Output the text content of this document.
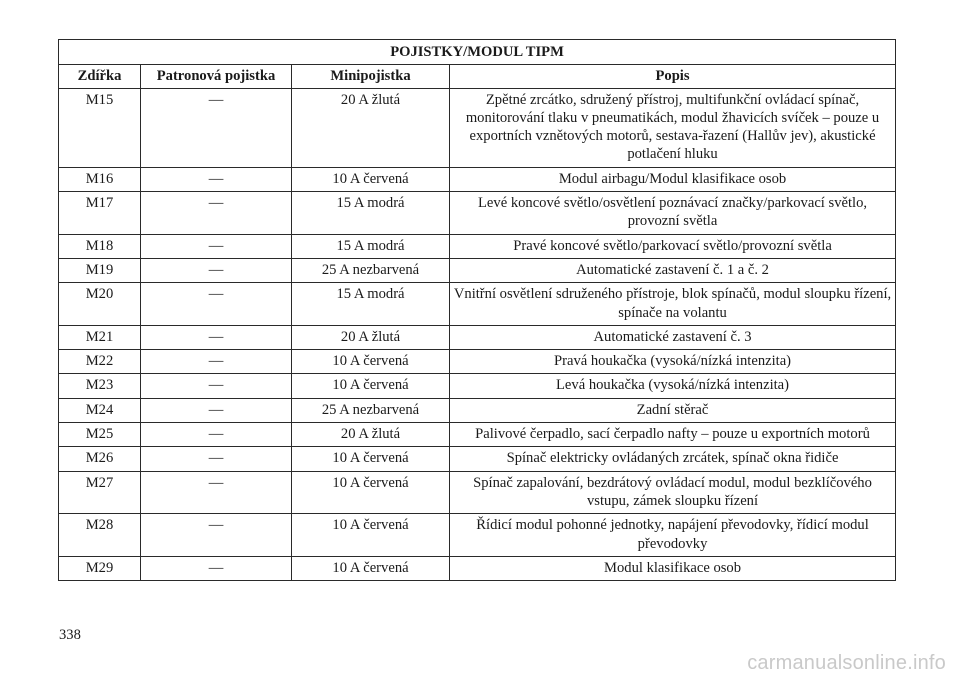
POJISTKY/MODUL TIPM			
Zdířka	Patronová pojistka	Minipojistka	Popis
M15	—	20 A žlutá	Zpětné zrcátko, sdružený přístroj, multifunkční ovládací spínač, monitorování tlaku v pneumatikách, modul žhavicích svíček – pouze u exportních vznětových motorů, sestava-řazení (Hallův jev), akustické potlačení hluku
M16	—	10 A červená	Modul airbagu/Modul klasifikace osob
M17	—	15 A modrá	Levé koncové světlo/osvětlení poznávací značky/parkovací světlo, provozní světla
M18	—	15 A modrá	Pravé koncové světlo/parkovací světlo/provozní světla
M19	—	25 A nezbarvená	Automatické zastavení č. 1 a č. 2
M20	—	15 A modrá	Vnitřní osvětlení sdruženého přístroje, blok spínačů, modul sloupku řízení, spínače na volantu
M21	—	20 A žlutá	Automatické zastavení č. 3
M22	—	10 A červená	Pravá houkačka (vysoká/nízká intenzita)
M23	—	10 A červená	Levá houkačka (vysoká/nízká intenzita)
M24	—	25 A nezbarvená	Zadní stěrač
M25	—	20 A žlutá	Palivové čerpadlo, sací čerpadlo nafty – pouze u exportních motorů
M26	—	10 A červená	Spínač elektricky ovládaných zrcátek, spínač okna řidiče
M27	—	10 A červená	Spínač zapalování, bezdrátový ovládací modul, modul bezklíčového vstupu, zámek sloupku řízení
M28	—	10 A červená	Řídicí modul pohonné jednotky, napájení převodovky, řídicí modul převodovky
M29	—	10 A červená	Modul klasifikace osob
338
carmanualsonline.info
